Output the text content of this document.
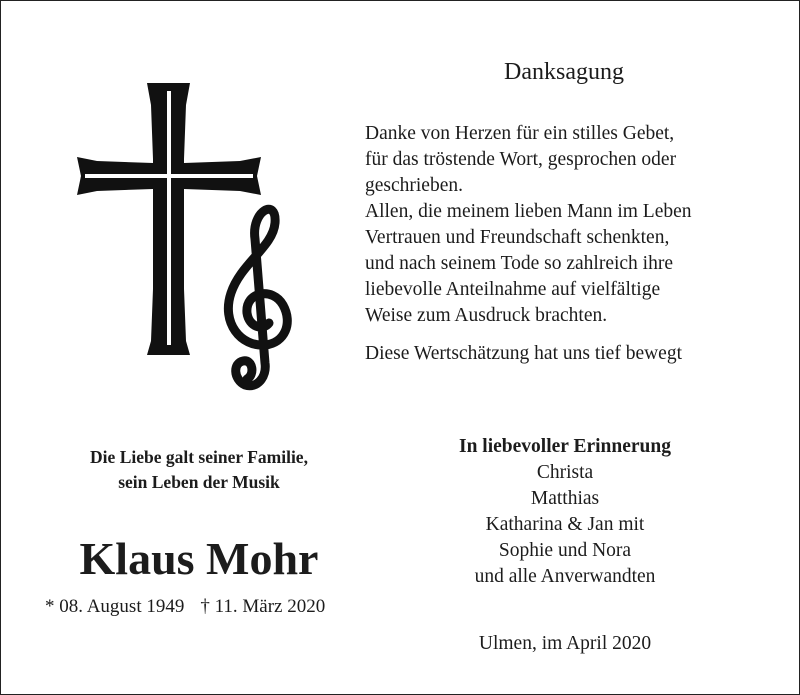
Danksagung
Danke von Herzen für ein stilles Gebet,
für das tröstende Wort, gesprochen oder
geschrieben.
Allen, die meinem lieben Mann im Leben
Vertrauen und Freundschaft schenkten,
und nach seinem Tode so zahlreich ihre
liebevolle Anteilnahme auf vielfältige
Weise zum Ausdruck brachten.
Diese Wertschätzung hat uns tief bewegt
Die Liebe galt seiner Familie,
sein Leben der Musik
Klaus Mohr
* 08. August 1949 † 11. März 2020
In liebevoller Erinnerung
Christa
Matthias
Katharina & Jan mit
Sophie und Nora
und alle Anverwandten
Ulmen, im April 2020
